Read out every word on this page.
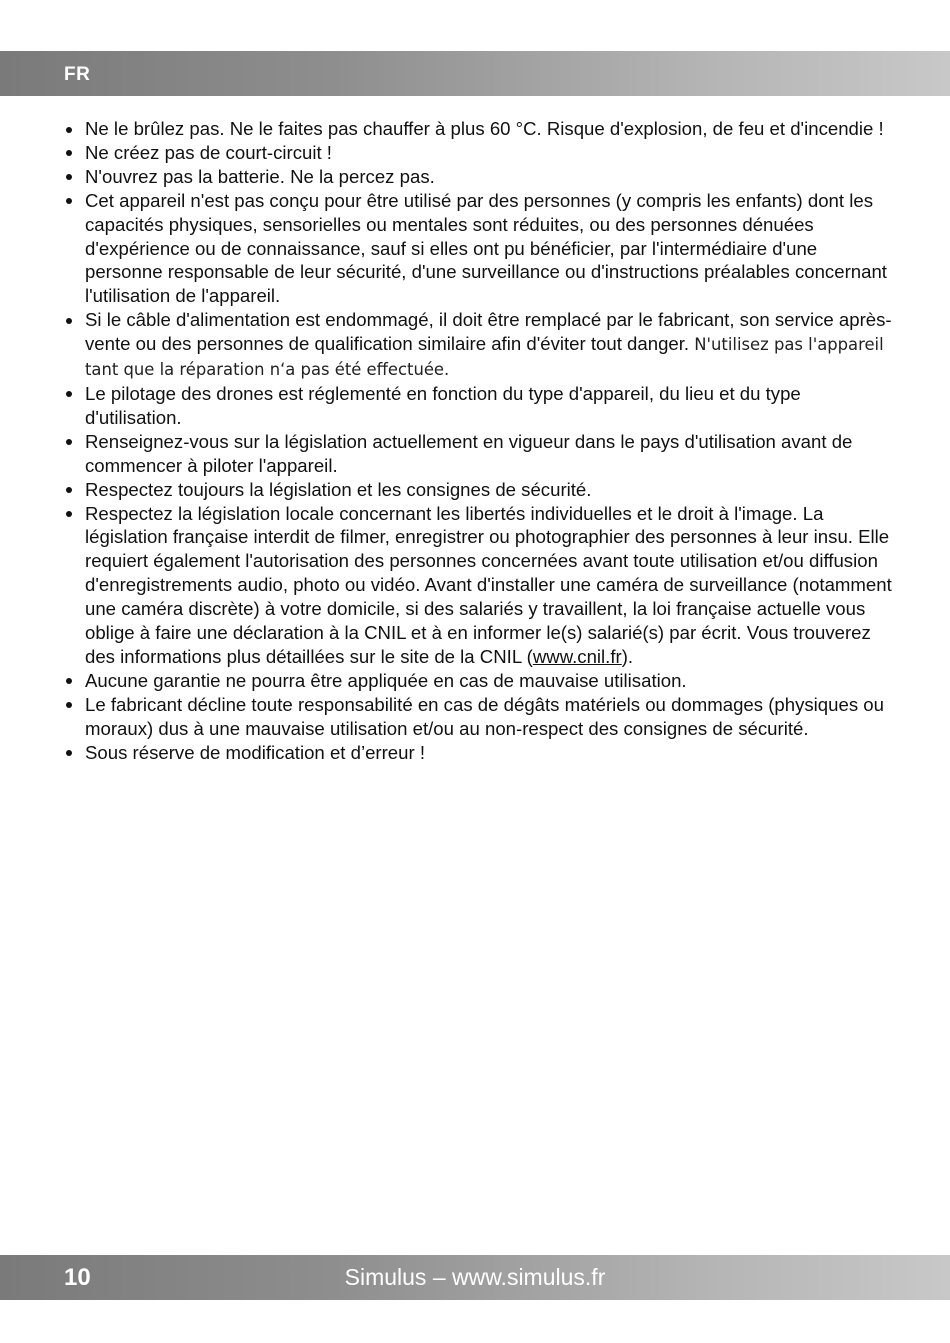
FR
Ne le brûlez pas. Ne le faites pas chauffer à plus 60 °C. Risque d'explosion, de feu et d'incendie !
Ne créez pas de court-circuit !
N'ouvrez pas la batterie. Ne la percez pas.
Cet appareil n'est pas conçu pour être utilisé par des personnes (y compris les enfants) dont les capacités physiques, sensorielles ou mentales sont réduites, ou des personnes dénuées d'expérience ou de connaissance, sauf si elles ont pu bénéficier, par l'intermédiaire d'une personne responsable de leur sécurité, d'une surveillance ou d'instructions préalables concernant l'utilisation de l'appareil.
Si le câble d'alimentation est endommagé, il doit être remplacé par le fabricant, son service après-vente ou des personnes de qualification similaire afin d'éviter tout danger. N'utilisez pas l'appareil tant que la réparation n‘a pas été effectuée.
Le pilotage des drones est réglementé en fonction du type d'appareil, du lieu et du type d'utilisation.
Renseignez-vous sur la législation actuellement en vigueur dans le pays d'utilisation avant de commencer à piloter l'appareil.
Respectez toujours la législation et les consignes de sécurité.
Respectez la législation locale concernant les libertés individuelles et le droit à l'image. La législation française interdit de filmer, enregistrer ou photographier des personnes à leur insu. Elle requiert également l'autorisation des personnes concernées avant toute utilisation et/ou diffusion d'enregistrements audio, photo ou vidéo. Avant d'installer une caméra de surveillance (notamment une caméra discrète) à votre domicile, si des salariés y travaillent, la loi française actuelle vous oblige à faire une déclaration à la CNIL et à en informer le(s) salarié(s) par écrit. Vous trouverez des informations plus détaillées sur le site de la CNIL (www.cnil.fr).
Aucune garantie ne pourra être appliquée en cas de mauvaise utilisation.
Le fabricant décline toute responsabilité en cas de dégâts matériels ou dommages (physiques ou moraux) dus à une mauvaise utilisation et/ou au non-respect des consignes de sécurité.
Sous réserve de modification et d’erreur !
10	Simulus – www.simulus.fr
